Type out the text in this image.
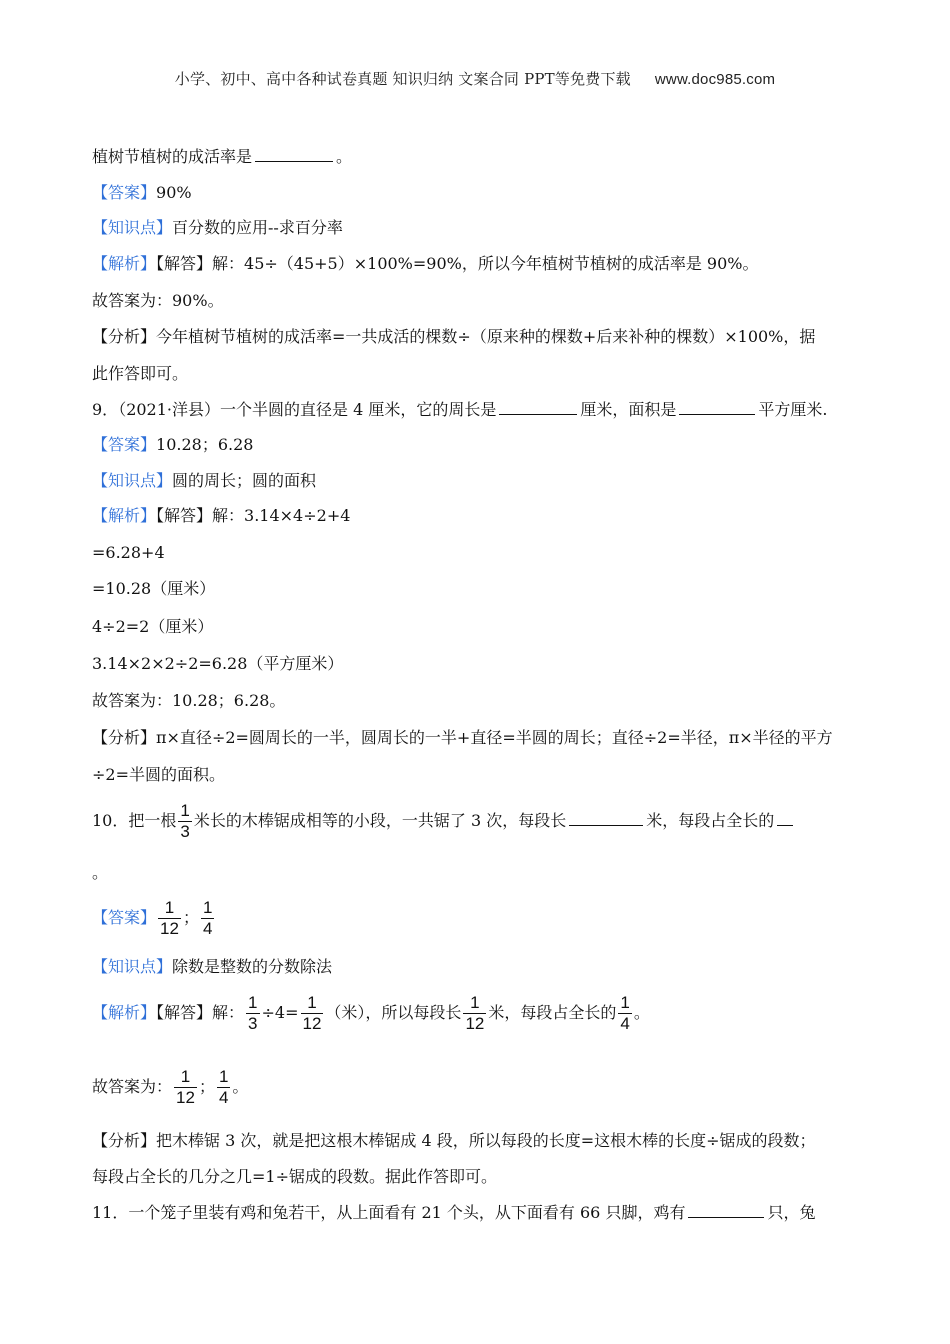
小学、初中、高中各种试卷真题 知识归纳 文案合同 PPT等免费下载 www.doc985.com
植树节植树的成活率是	。
【答案】90%
【知识点】百分数的应用--求百分率
【解析】【解答】解：45÷（45+5）×100%=90%，所以今年植树节植树的成活率是 90%。
故答案为：90%。
【分析】今年植树节植树的成活率=一共成活的棵数÷（原来种的棵数+后来补种的棵数）×100%，据
此作答即可。
9．（2021·洋县）一个半圆的直径是 4 厘米，它的周长是	厘米，面积是	平方厘米.
【答案】10.28；6.28
【知识点】圆的周长；圆的面积
【解析】【解答】解：3.14×4÷2+4
=6.28+4
=10.28（厘米）
4÷2=2（厘米）
3.14×2×2÷2=6.28（平方厘米）
故答案为：10.28；6.28。
【分析】π×直径÷2=圆周长的一半，圆周长的一半+直径=半圆的周长；直径÷2=半径，π×半径的平方
÷2=半圆的面积。
10．把一根 $\frac{1}{3}$ 米长的木棒锯成相等的小段，一共锯了 3 次，每段长	米，每段占全长的
。
【答案】 $\frac{1}{12}$ ； $\frac{1}{4}$
【知识点】除数是整数的分数除法
【解析】【解答】解： $\frac{1}{3} \div 4= \frac{1}{12}$ （米），所以每段长 $\frac{1}{12}$ 米，每段占全长的 $\frac{1}{4}$ 。
故答案为： $\frac{1}{12}$ ； $\frac{1}{4}$ 。
【分析】把木棒锯 3 次，就是把这根木棒锯成 4 段，所以每段的长度=这根木棒的长度÷锯成的段数；
每段占全长的几分之几=1÷锯成的段数。据此作答即可。
11．一个笼子里装有鸡和兔若干，从上面看有 21 个头，从下面看有 66 只脚，鸡有	只，兔
